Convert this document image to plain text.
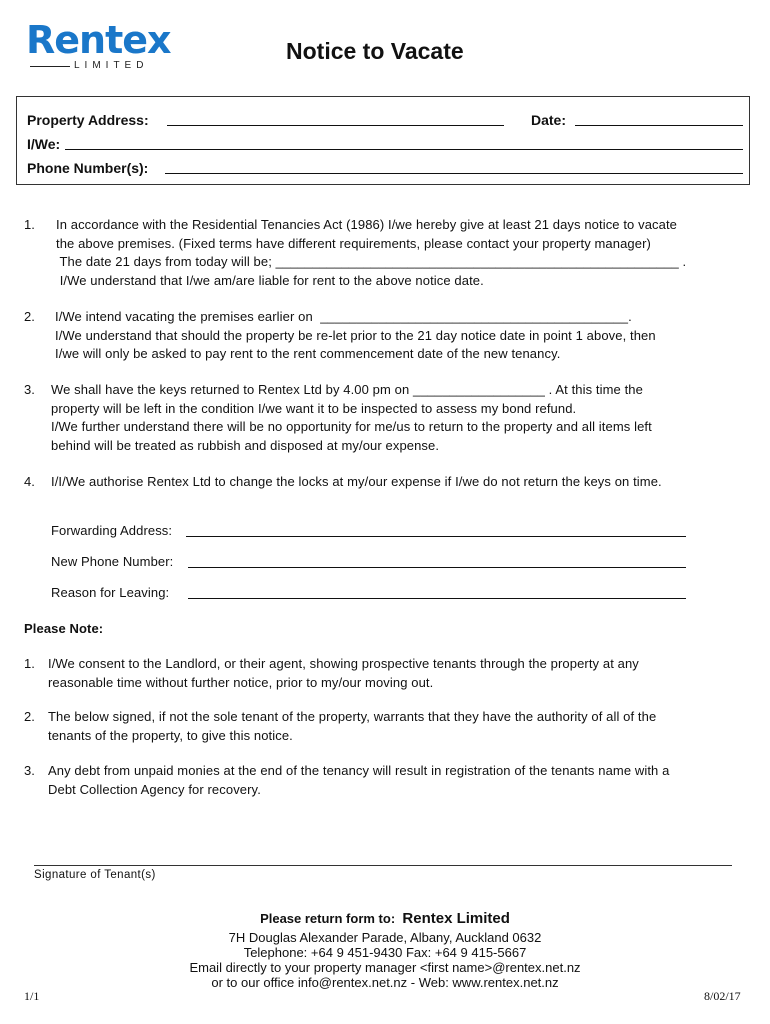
Rentex
LIMITED
Notice to Vacate
Property Address:	Date:
I/We:
Phone Number(s):
1. In accordance with the Residential Tenancies Act (1986) I/we hereby give at least 21 days notice to vacate
the above premises. (Fixed terms have different requirements, please contact your property manager)
The date 21 days from today will be; _______________________________________________________ .
I/We understand that I/we am/are liable for rent to the above notice date.
2. I/We intend vacating the premises earlier on  __________________________________________.
I/We understand that should the property be re-let prior to the 21 day notice date in point 1 above, then
I/we will only be asked to pay rent to the rent commencement date of the new tenancy.
3. We shall have the keys returned to Rentex Ltd by 4.00 pm on __________________ . At this time the
property will be left in the condition I/we want it to be inspected to assess my bond refund.
I/We further understand there will be no opportunity for me/us to return to the property and all items left
behind will be treated as rubbish and disposed at my/our expense.
4. I/I/We authorise Rentex Ltd to change the locks at my/our expense if I/we do not return the keys on time.
Forwarding Address:
New Phone Number:
Reason for Leaving:
Please Note:
1. I/We consent to the Landlord, or their agent, showing prospective tenants through the property at any
reasonable time without further notice, prior to my/our moving out.
2. The below signed, if not the sole tenant of the property, warrants that they have the authority of all of the
tenants of the property, to give this notice.
3. Any debt from unpaid monies at the end of the tenancy will result in registration of the tenants name with a
Debt Collection Agency for recovery.
Signature of Tenant(s)
Please return form to: Rentex Limited
7H Douglas Alexander Parade, Albany, Auckland 0632
Telephone: +64 9 451-9430 Fax: +64 9 415-5667
Email directly to your property manager <first name>@rentex.net.nz
or to our office info@rentex.net.nz - Web: www.rentex.net.nz
1/1	8/02/17
